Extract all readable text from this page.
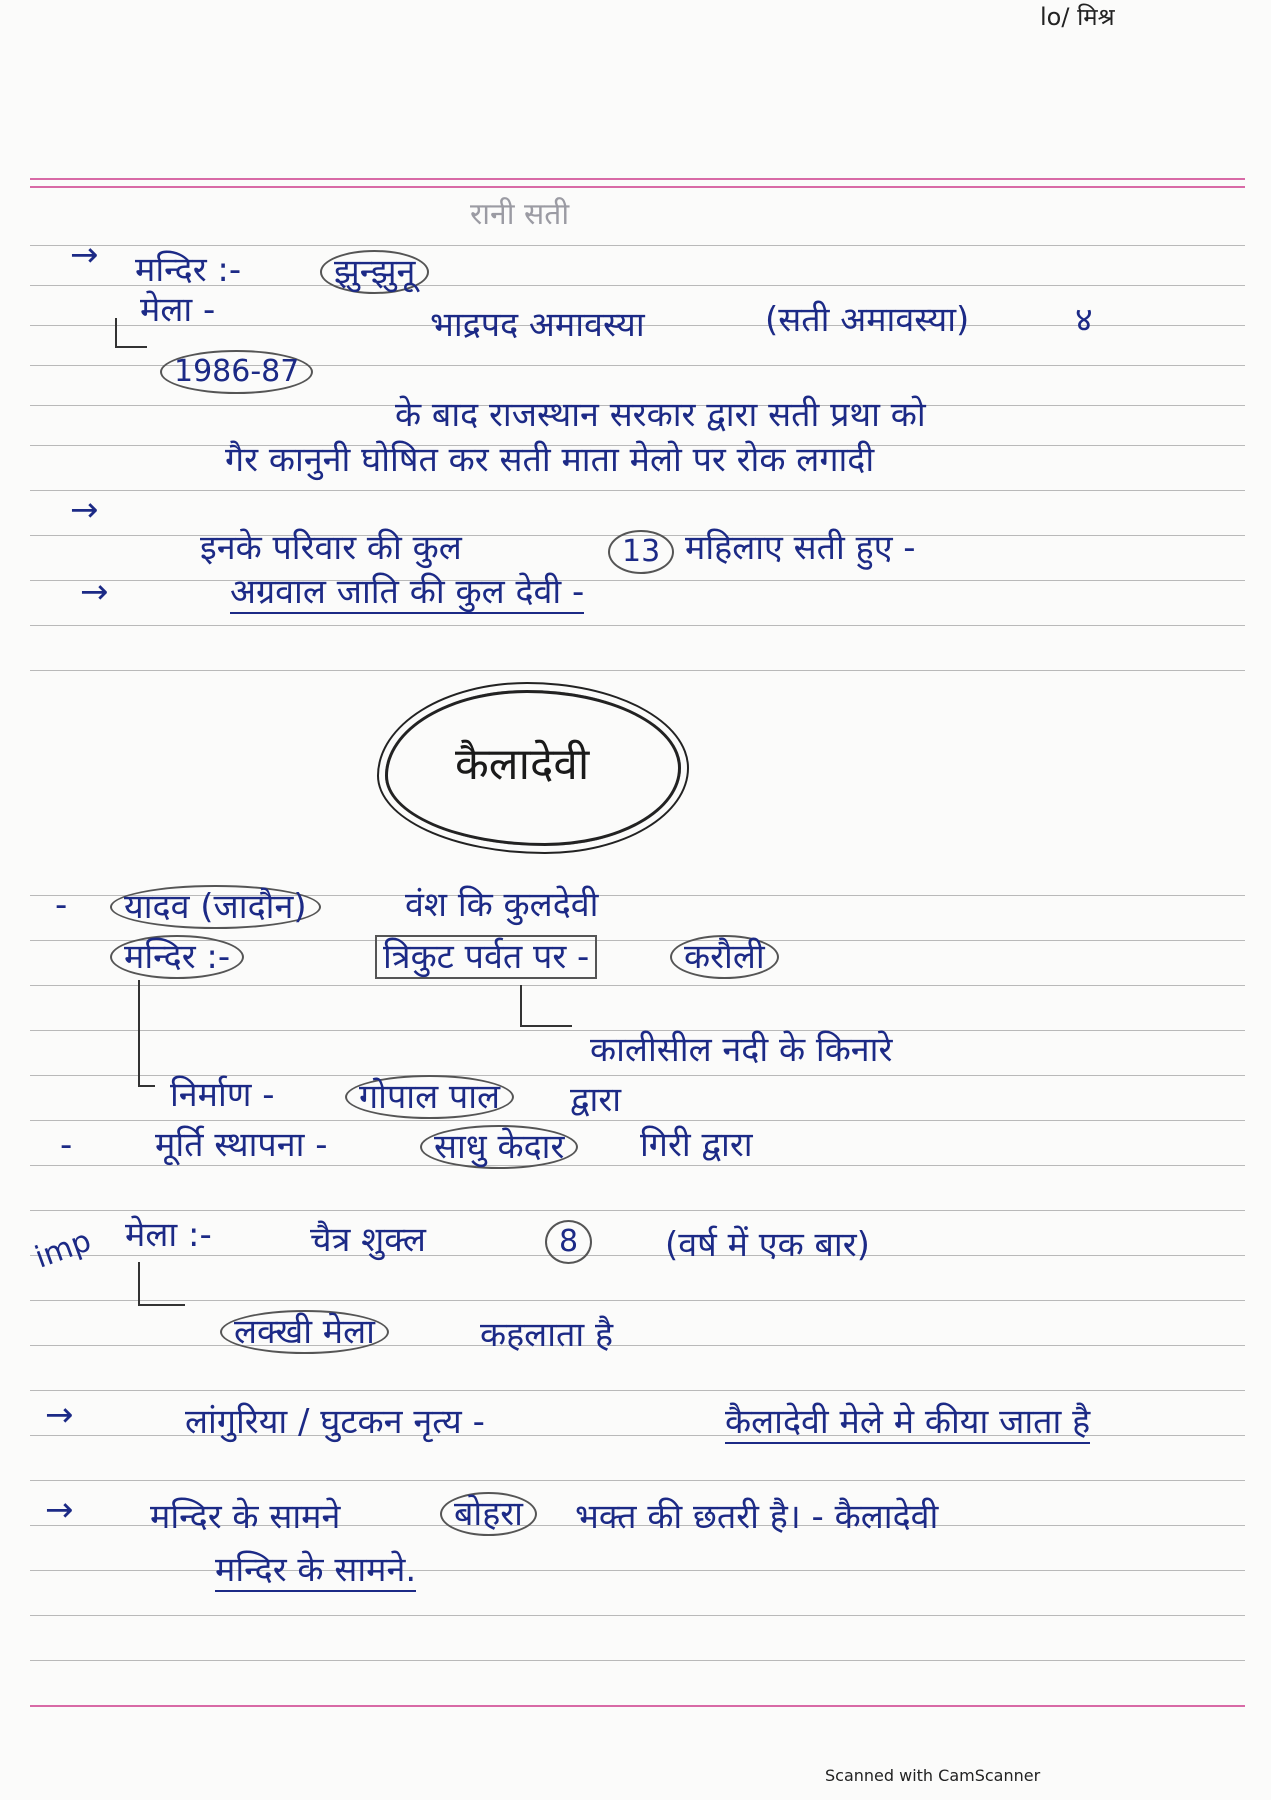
lo/ मिश्र
रानी सती
→ मन्दिर :-	झुन्झुनू
मेला -	भाद्रपद अमावस्या	(सती अमावस्या)	४
1986-87
के बाद राजस्थान सरकार द्वारा सती प्रथा को
गैर कानुनी घोषित कर सती माता मेलो पर रोक लगादी
→
इनके परिवार की कुल	13 महिलाए सती हुए -
→	अग्रवाल जाति की कुल देवी -
कैलादेवी
-	यादव (जादौन)	वंश कि कुलदेवी
मन्दिर :-	त्रिकुट पर्वत पर -	करौली
कालीसील नदी के किनारे
निर्माण -	गोपाल पाल	द्वारा
- मूर्ति स्थापना -	साधु केदार	गिरी द्वारा
imp मेला :-	चैत्र शुक्ल	8	(वर्ष में एक बार)
लक्खी मेला	कहलाता है
→	लांगुरिया / घुटकन नृत्य -	कैलादेवी मेले मे कीया जाता है
→ मन्दिर के सामने	बोहरा	भक्त की छतरी है। - कैलादेवी
मन्दिर के सामने.
Scanned with CamScanner
